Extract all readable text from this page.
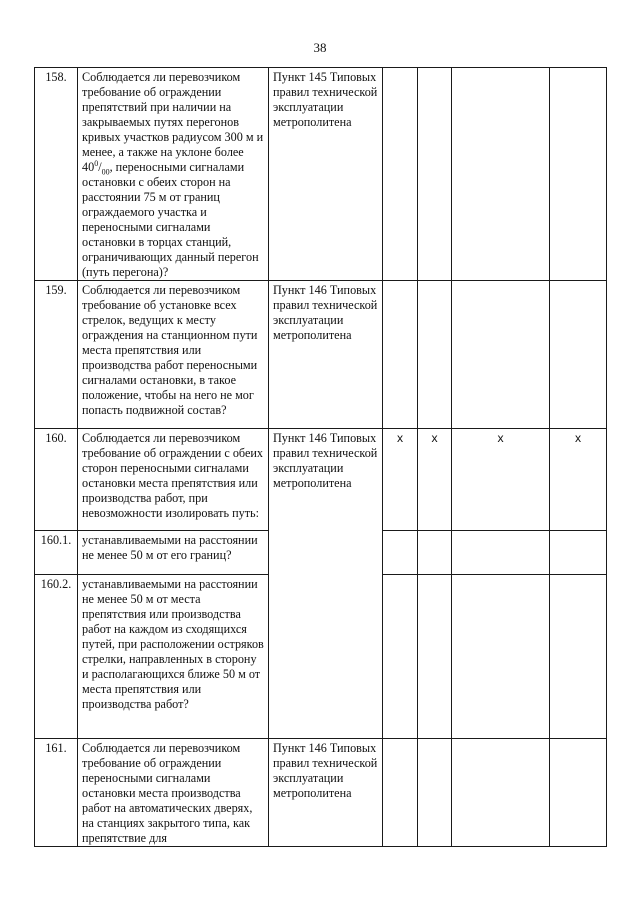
38
158.	Соблюдается ли перевозчиком требование об ограждении препятствий при наличии на закрываемых путях перегонов кривых участков радиусом 300 м и менее, а также на уклоне более $40^0/_{00}$, переносными сигналами остановки с обеих сторон на расстоянии 75 м от границ ограждаемого участка и переносными сигналами остановки в торцах станций, ограничивающих данный перегон (путь перегона)?	Пункт 145 Типовых правил технической эксплуатации метрополитена				
159.	Соблюдается ли перевозчиком требование об установке всех стрелок, ведущих к месту ограждения на станционном пути места препятствия или производства работ переносными сигналами остановки, в такое положение, чтобы на него не мог попасть подвижной состав?	Пункт 146 Типовых правил технической эксплуатации метрополитена				
160.	Соблюдается ли перевозчиком требование об ограждении с обеих сторон переносными сигналами остановки места препятствия или производства работ, при невозможности изолировать путь:	Пункт 146 Типовых правил технической эксплуатации метрополитена	x	x	x	x
160.1.	устанавливаемыми на расстоянии не менее 50 м от его границ?					
160.2.	устанавливаемыми на расстоянии не менее 50 м от места препятствия или производства работ на каждом из сходящихся путей, при расположении остряков стрелки, направленных в сторону и располагающихся ближе 50 м от места препятствия или производства работ?					
161.	Соблюдается ли перевозчиком требование об ограждении переносными сигналами остановки места производства работ на автоматических дверях, на станциях закрытого типа, как препятствие для	Пункт 146 Типовых правил технической эксплуатации метрополитена				
